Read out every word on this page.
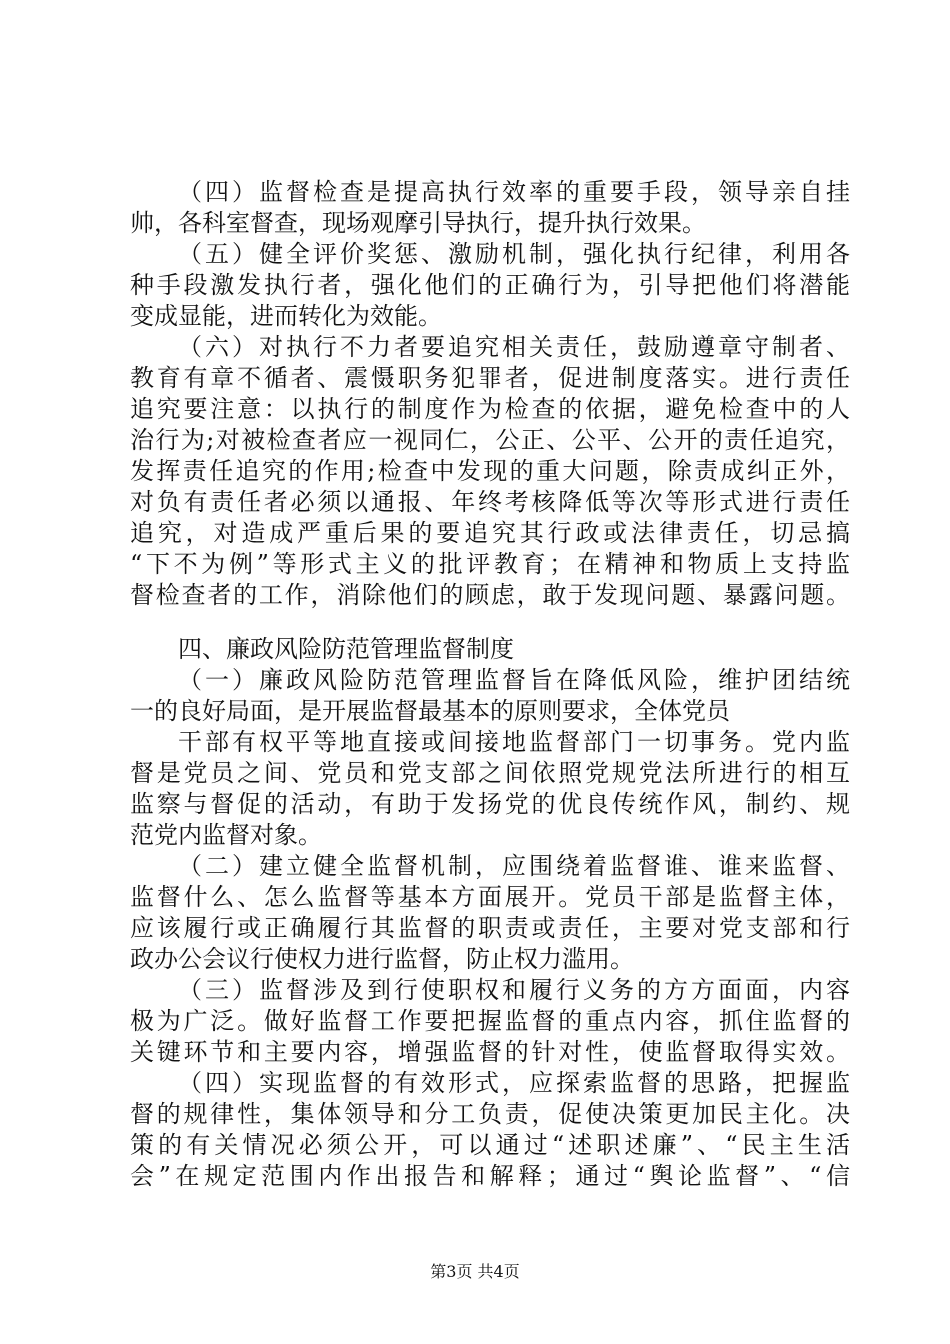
（四）监督检查是提高执行效率的重要手段，领导亲自挂
帅，各科室督查，现场观摩引导执行，提升执行效果。
（五）健全评价奖惩、激励机制，强化执行纪律，利用各
种手段激发执行者，强化他们的正确行为，引导把他们将潜能
变成显能，进而转化为效能。
（六）对执行不力者要追究相关责任，鼓励遵章守制者、
教育有章不循者、震慑职务犯罪者，促进制度落实。进行责任
追究要注意：以执行的制度作为检查的依据，避免检查中的人
治行为;对被检查者应一视同仁，公正、公平、公开的责任追究，
发挥责任追究的作用;检查中发现的重大问题，除责成纠正外，
对负有责任者必须以通报、年终考核降低等次等形式进行责任
追究，对造成严重后果的要追究其行政或法律责任，切忌搞
“下不为例”等形式主义的批评教育；在精神和物质上支持监
督检查者的工作，消除他们的顾虑，敢于发现问题、暴露问题。
四、廉政风险防范管理监督制度
（一）廉政风险防范管理监督旨在降低风险，维护团结统
一的良好局面，是开展监督最基本的原则要求，全体党员
干部有权平等地直接或间接地监督部门一切事务。党内监
督是党员之间、党员和党支部之间依照党规党法所进行的相互
监察与督促的活动，有助于发扬党的优良传统作风，制约、规
范党内监督对象。
（二）建立健全监督机制，应围绕着监督谁、谁来监督、
监督什么、怎么监督等基本方面展开。党员干部是监督主体，
应该履行或正确履行其监督的职责或责任，主要对党支部和行
政办公会议行使权力进行监督，防止权力滥用。
（三）监督涉及到行使职权和履行义务的方方面面，内容
极为广泛。做好监督工作要把握监督的重点内容，抓住监督的
关键环节和主要内容，增强监督的针对性，使监督取得实效。
（四）实现监督的有效形式，应探索监督的思路，把握监
督的规律性，集体领导和分工负责，促使决策更加民主化。决
策的有关情况必须公开，可以通过“述职述廉”、“民主生活
会”在规定范围内作出报告和解释；通过“舆论监督”、“信
第3页 共4页
